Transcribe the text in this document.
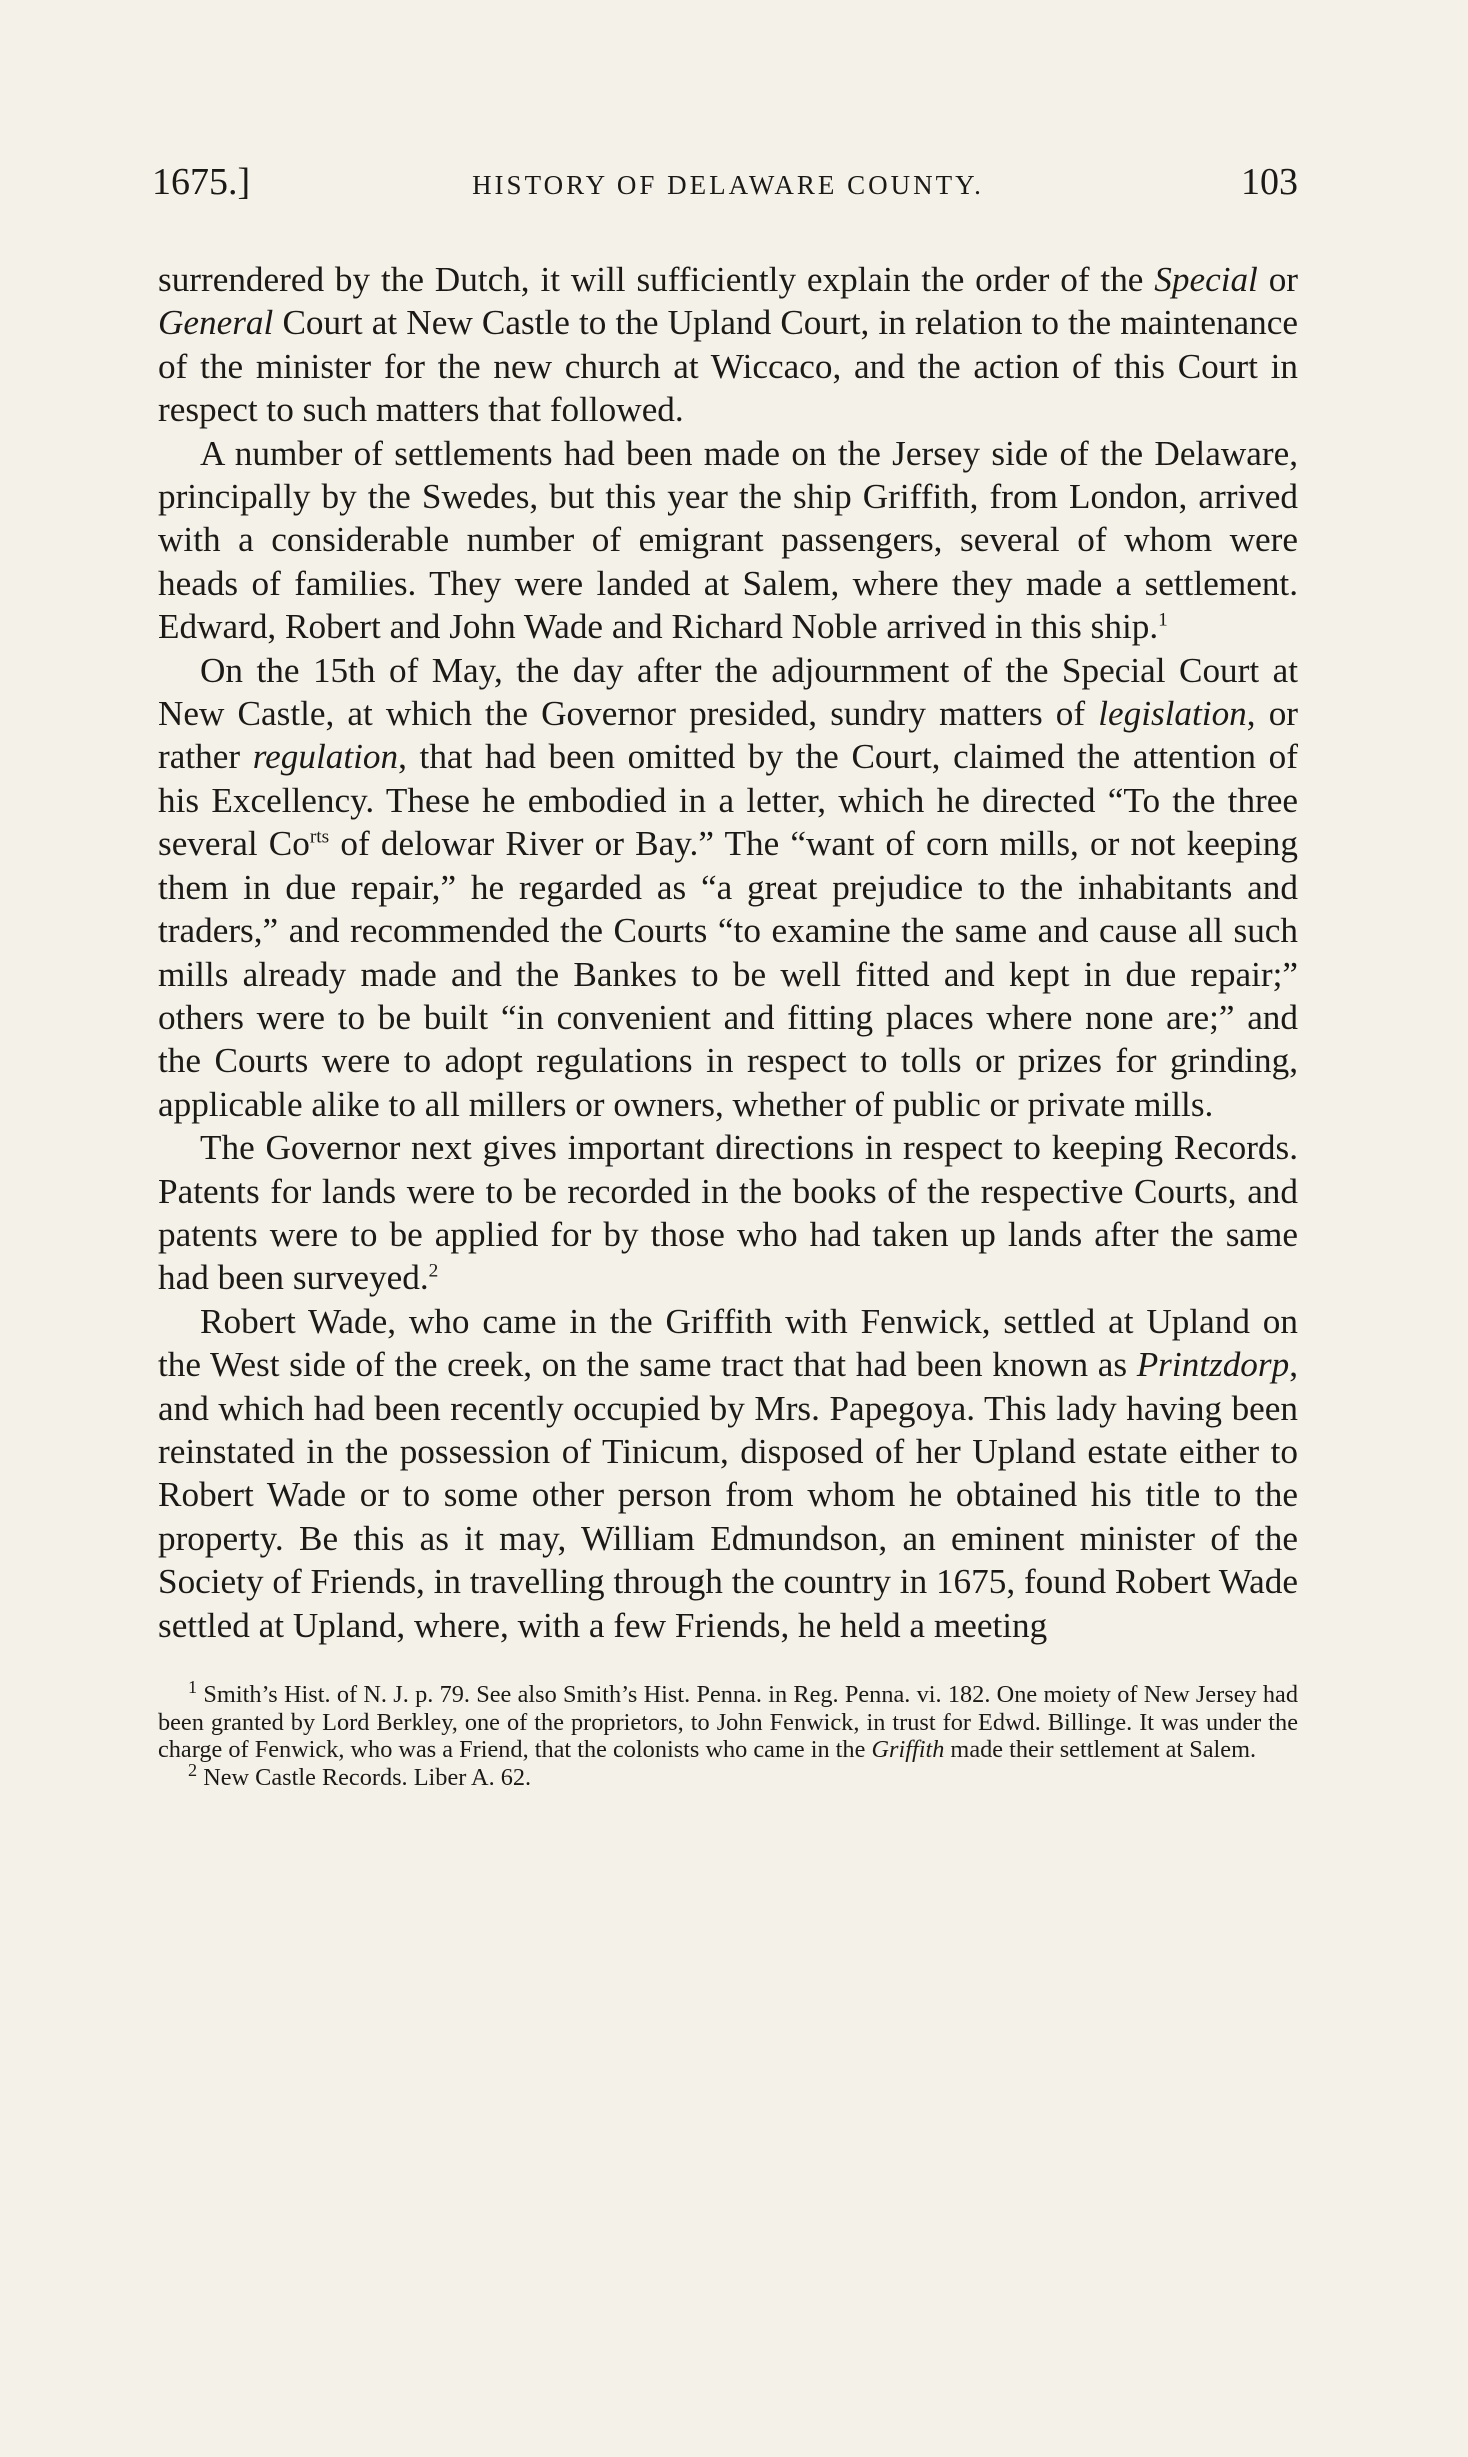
1675.]	HISTORY OF DELAWARE COUNTY.	103

surrendered by the Dutch, it will sufficiently explain the order of the Special or General Court at New Castle to the Upland Court, in relation to the maintenance of the minister for the new church at Wiccaco, and the action of this Court in respect to such matters that followed.

A number of settlements had been made on the Jersey side of the Delaware, principally by the Swedes, but this year the ship Griffith, from London, arrived with a considerable number of emigrant passengers, several of whom were heads of families. They were landed at Salem, where they made a settlement. Edward, Robert and John Wade and Richard Noble arrived in this ship.$^1$

On the 15th of May, the day after the adjournment of the Special Court at New Castle, at which the Governor presided, sundry matters of legislation, or rather regulation, that had been omitted by the Court, claimed the attention of his Excellency. These he embodied in a letter, which he directed “To the three several $Co^{rts}$ of delowar River or Bay.” The “want of corn mills, or not keeping them in due repair,” he regarded as “a great prejudice to the inhabitants and traders,” and recommended the Courts “to examine the same and cause all such mills already made and the Bankes to be well fitted and kept in due repair;” others were to be built “in convenient and fitting places where none are;” and the Courts were to adopt regulations in respect to tolls or prizes for grinding, applicable alike to all millers or owners, whether of public or private mills.

The Governor next gives important directions in respect to keeping Records. Patents for lands were to be recorded in the books of the respective Courts, and patents were to be applied for by those who had taken up lands after the same had been surveyed.$^2$

Robert Wade, who came in the Griffith with Fenwick, settled at Upland on the West side of the creek, on the same tract that had been known as Printzdorp, and which had been recently occupied by Mrs. Papegoya. This lady having been reinstated in the possession of Tinicum, disposed of her Upland estate either to Robert Wade or to some other person from whom he obtained his title to the property. Be this as it may, William Edmundson, an eminent minister of the Society of Friends, in travelling through the country in 1675, found Robert Wade settled at Upland, where, with a few Friends, he held a meeting

$^1$ Smith’s Hist. of N. J. p. 79. See also Smith’s Hist. Penna. in Reg. Penna. vi. 182. One moiety of New Jersey had been granted by Lord Berkley, one of the proprietors, to John Fenwick, in trust for Edwd. Billinge. It was under the charge of Fenwick, who was a Friend, that the colonists who came in the Griffith made their settlement at Salem.

$^2$ New Castle Records. Liber A. 62.
